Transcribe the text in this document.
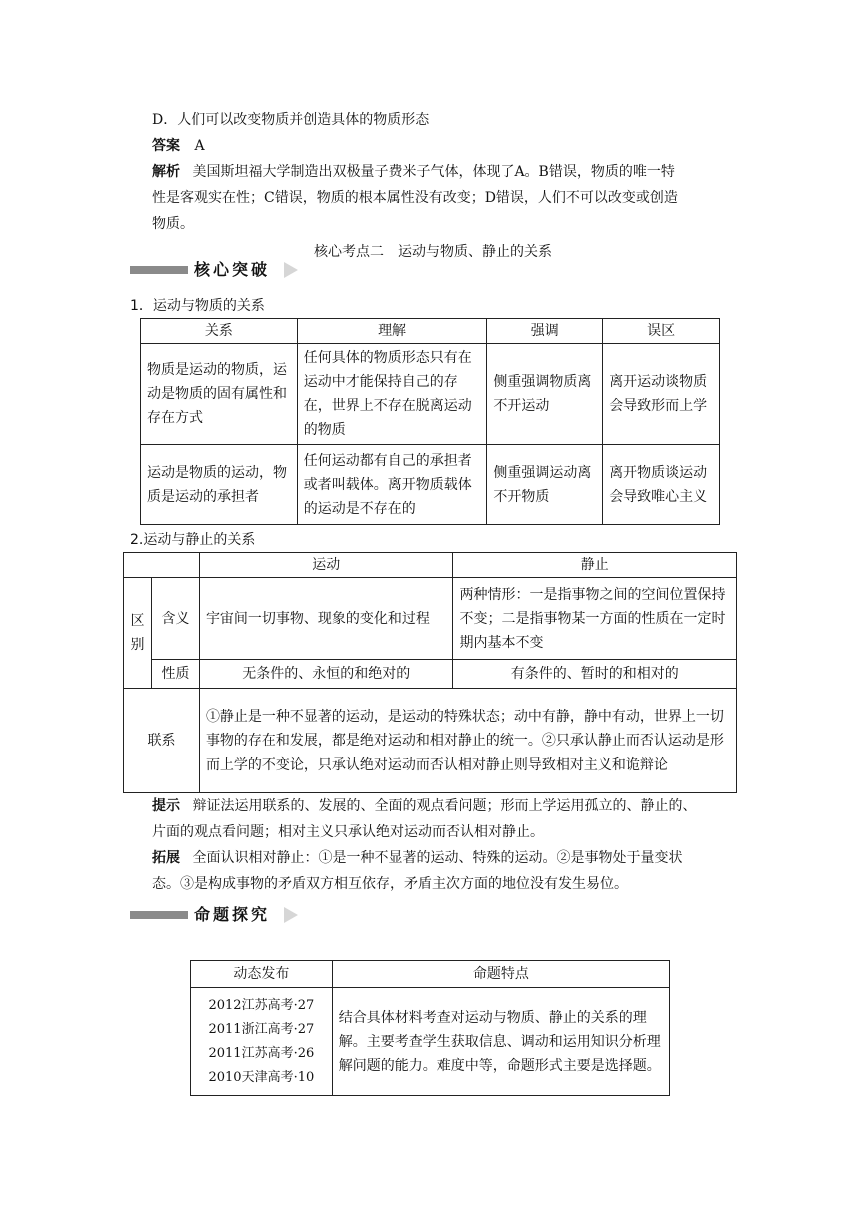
D．人们可以改变物质并创造具体的物质形态
答案 A
解析 美国斯坦福大学制造出双极量子费米子气体，体现了A。B错误，物质的唯一特
性是客观实在性；C错误，物质的根本属性没有改变；D错误，人们不可以改变或创造
物质。
核心考点二　运动与物质、静止的关系
核心突破
1．运动与物质的关系
关系	理解	强调	误区
物质是运动的物质，运动是物质的固有属性和存在方式	任何具体的物质形态只有在运动中才能保持自己的存在，世界上不存在脱离运动的物质	侧重强调物质离不开运动	离开运动谈物质会导致形而上学
运动是物质的运动，物质是运动的承担者	任何运动都有自己的承担者或者叫载体。离开物质载体的运动是不存在的	侧重强调运动离不开物质	离开物质谈运动会导致唯心主义
2.运动与静止的关系
		运动	静止
区别	含义	宇宙间一切事物、现象的变化和过程	两种情形：一是指事物之间的空间位置保持不变；二是指事物某一方面的性质在一定时期内基本不变
	性质	无条件的、永恒的和绝对的	有条件的、暂时的和相对的
联系		①静止是一种不显著的运动，是运动的特殊状态；动中有静，静中有动，世界上一切事物的存在和发展，都是绝对运动和相对静止的统一。②只承认静止而否认运动是形而上学的不变论，只承认绝对运动而否认相对静止则导致相对主义和诡辩论	
提示 辩证法运用联系的、发展的、全面的观点看问题；形而上学运用孤立的、静止的、
片面的观点看问题；相对主义只承认绝对运动而否认相对静止。
拓展 全面认识相对静止：①是一种不显著的运动、特殊的运动。②是事物处于量变状
态。③是构成事物的矛盾双方相互依存，矛盾主次方面的地位没有发生易位。
命题探究
动态发布	命题特点

2012江苏高考·27
2011浙江高考·27
2011江苏高考·26
2010天津高考·10	结合具体材料考查对运动与物质、静止的关系的理解。主要考查学生获取信息、调动和运用知识分析理解问题的能力。难度中等，命题形式主要是选择题。
